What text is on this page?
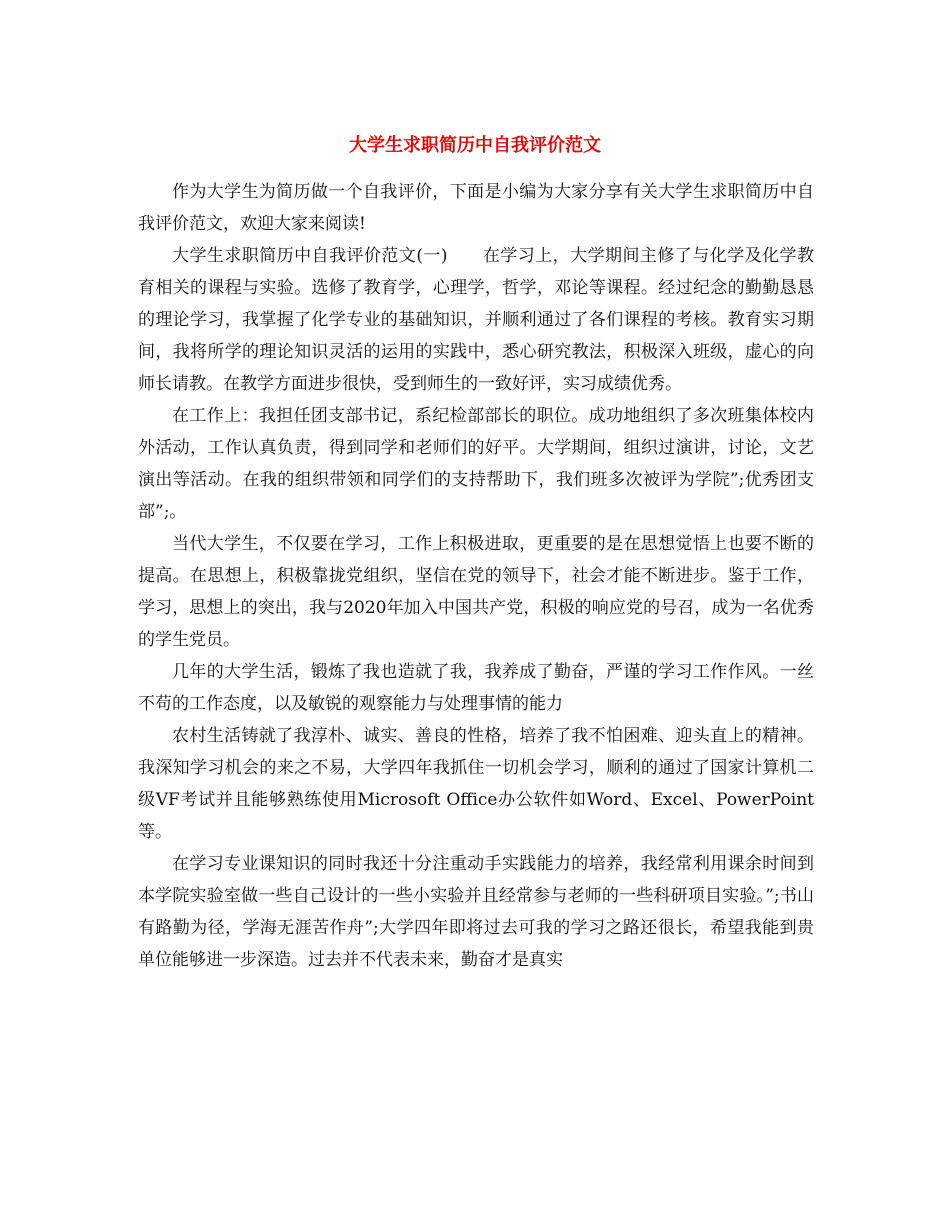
大学生求职简历中自我评价范文

作为大学生为简历做一个自我评价，下面是小编为大家分享有关大学生求职简历中自我评价范文，欢迎大家来阅读!

大学生求职简历中自我评价范文(一)　　在学习上，大学期间主修了与化学及化学教育相关的课程与实验。选修了教育学，心理学，哲学，邓论等课程。经过纪念的勤勤恳恳的理论学习，我掌握了化学专业的基础知识，并顺利通过了各们课程的考核。教育实习期间，我将所学的理论知识灵活的运用的实践中，悉心研究教法，积极深入班级，虚心的向师长请教。在教学方面进步很快，受到师生的一致好评，实习成绩优秀。

在工作上：我担任团支部书记，系纪检部部长的职位。成功地组织了多次班集体校内外活动，工作认真负责，得到同学和老师们的好平。大学期间，组织过演讲，讨论，文艺演出等活动。在我的组织带领和同学们的支持帮助下，我们班多次被评为学院”;优秀团支部”;。

当代大学生，不仅要在学习，工作上积极进取，更重要的是在思想觉悟上也要不断的提高。在思想上，积极靠拢党组织，坚信在党的领导下，社会才能不断进步。鉴于工作，学习，思想上的突出，我与2020年加入中国共产党，积极的响应党的号召，成为一名优秀的学生党员。

几年的大学生活，锻炼了我也造就了我，我养成了勤奋，严谨的学习工作作风。一丝不苟的工作态度，以及敏锐的观察能力与处理事情的能力

农村生活铸就了我淳朴、诚实、善良的性格，培养了我不怕困难、迎头直上的精神。我深知学习机会的来之不易，大学四年我抓住一切机会学习，顺利的通过了国家计算机二级VF考试并且能够熟练使用Microsoft Office办公软件如Word、Excel、PowerPoint等。

在学习专业课知识的同时我还十分注重动手实践能力的培养，我经常利用课余时间到本学院实验室做一些自己设计的一些小实验并且经常参与老师的一些科研项目实验。”;书山有路勤为径，学海无涯苦作舟”;大学四年即将过去可我的学习之路还很长，希望我能到贵单位能够进一步深造。过去并不代表未来，勤奋才是真实
